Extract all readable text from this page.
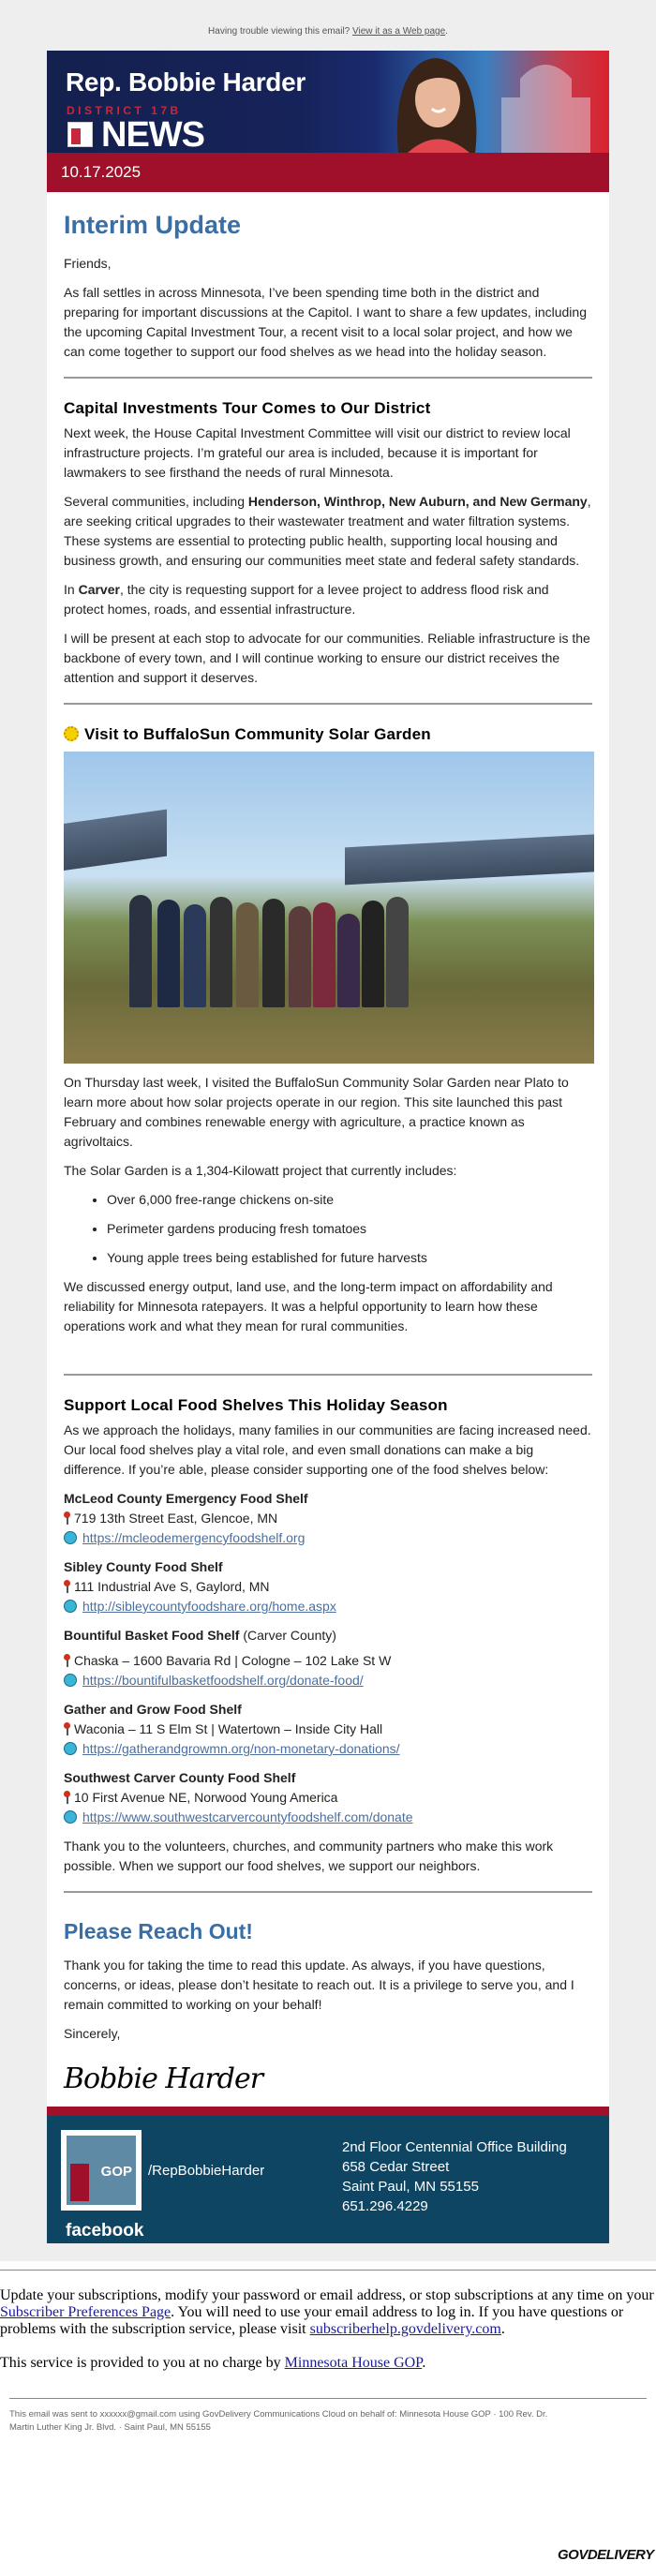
Having trouble viewing this email? View it as a Web page.
Rep. Bobbie Harder
DISTRICT 17B
NEWS
10.17.2025
Interim Update

Friends,

As fall settles in across Minnesota, I’ve been spending time both in the district and preparing for important discussions at the Capitol. I want to share a few updates, including the upcoming Capital Investment Tour, a recent visit to a local solar project, and how we can come together to support our food shelves as we head into the holiday season.

Capital Investments Tour Comes to Our District

Next week, the House Capital Investment Committee will visit our district to review local infrastructure projects. I’m grateful our area is included, because it is important for lawmakers to see firsthand the needs of rural Minnesota.

Several communities, including Henderson, Winthrop, New Auburn, and New Germany, are seeking critical upgrades to their wastewater treatment and water filtration systems. These systems are essential to protecting public health, supporting local housing and business growth, and ensuring our communities meet state and federal safety standards.

In Carver, the city is requesting support for a levee project to address flood risk and protect homes, roads, and essential infrastructure.

I will be present at each stop to advocate for our communities. Reliable infrastructure is the backbone of every town, and I will continue working to ensure our district receives the attention and support it deserves.

Visit to BuffaloSun Community Solar Garden

On Thursday last week, I visited the BuffaloSun Community Solar Garden near Plato to learn more about how solar projects operate in our region. This site launched this past February and combines renewable energy with agriculture, a practice known as agrivoltaics.

The Solar Garden is a 1,304-Kilowatt project that currently includes:

• Over 6,000 free-range chickens on-site
• Perimeter gardens producing fresh tomatoes
• Young apple trees being established for future harvests

We discussed energy output, land use, and the long-term impact on affordability and reliability for Minnesota ratepayers. It was a helpful opportunity to learn how these operations work and what they mean for rural communities.

Support Local Food Shelves This Holiday Season

As we approach the holidays, many families in our communities are facing increased need. Our local food shelves play a vital role, and even small donations can make a big difference. If you’re able, please consider supporting one of the food shelves below:

McLeod County Emergency Food Shelf
719 13th Street East, Glencoe, MN
https://mcleodemergencyfoodshelf.org
Sibley County Food Shelf
111 Industrial Ave S, Gaylord, MN
http://sibleycountyfoodshare.org/home.aspx
Bountiful Basket Food Shelf (Carver County)
Chaska – 1600 Bavaria Rd | Cologne – 102 Lake St W
https://bountifulbasketfoodshelf.org/donate-food/
Gather and Grow Food Shelf
Waconia – 11 S Elm St | Watertown – Inside City Hall
https://gatherandgrowmn.org/non-monetary-donations/
Southwest Carver County Food Shelf
10 First Avenue NE, Norwood Young America
https://www.southwestcarvercountyfoodshelf.com/donate

Thank you to the volunteers, churches, and community partners who make this work possible. When we support our food shelves, we support our neighbors.

Please Reach Out!

Thank you for taking the time to read this update. As always, if you have questions, concerns, or ideas, please don’t hesitate to reach out. It is a privilege to serve you, and I remain committed to working on your behalf!

Sincerely,

Bobbie Harder
GOP
facebook
/RepBobbieHarder
2nd Floor Centennial Office Building
658 Cedar Street
Saint Paul, MN 55155
651.296.4229
Update your subscriptions, modify your password or email address, or stop subscriptions at any time on your Subscriber Preferences Page. You will need to use your email address to log in. If you have questions or problems with the subscription service, please visit subscriberhelp.govdelivery.com.
This service is provided to you at no charge by Minnesota House GOP.
This email was sent to xxxxxx@gmail.com using GovDelivery Communications Cloud on behalf of: Minnesota House GOP · 100 Rev. Dr. Martin Luther King Jr. Blvd. · Saint Paul, MN 55155
GOVDELIVERY
